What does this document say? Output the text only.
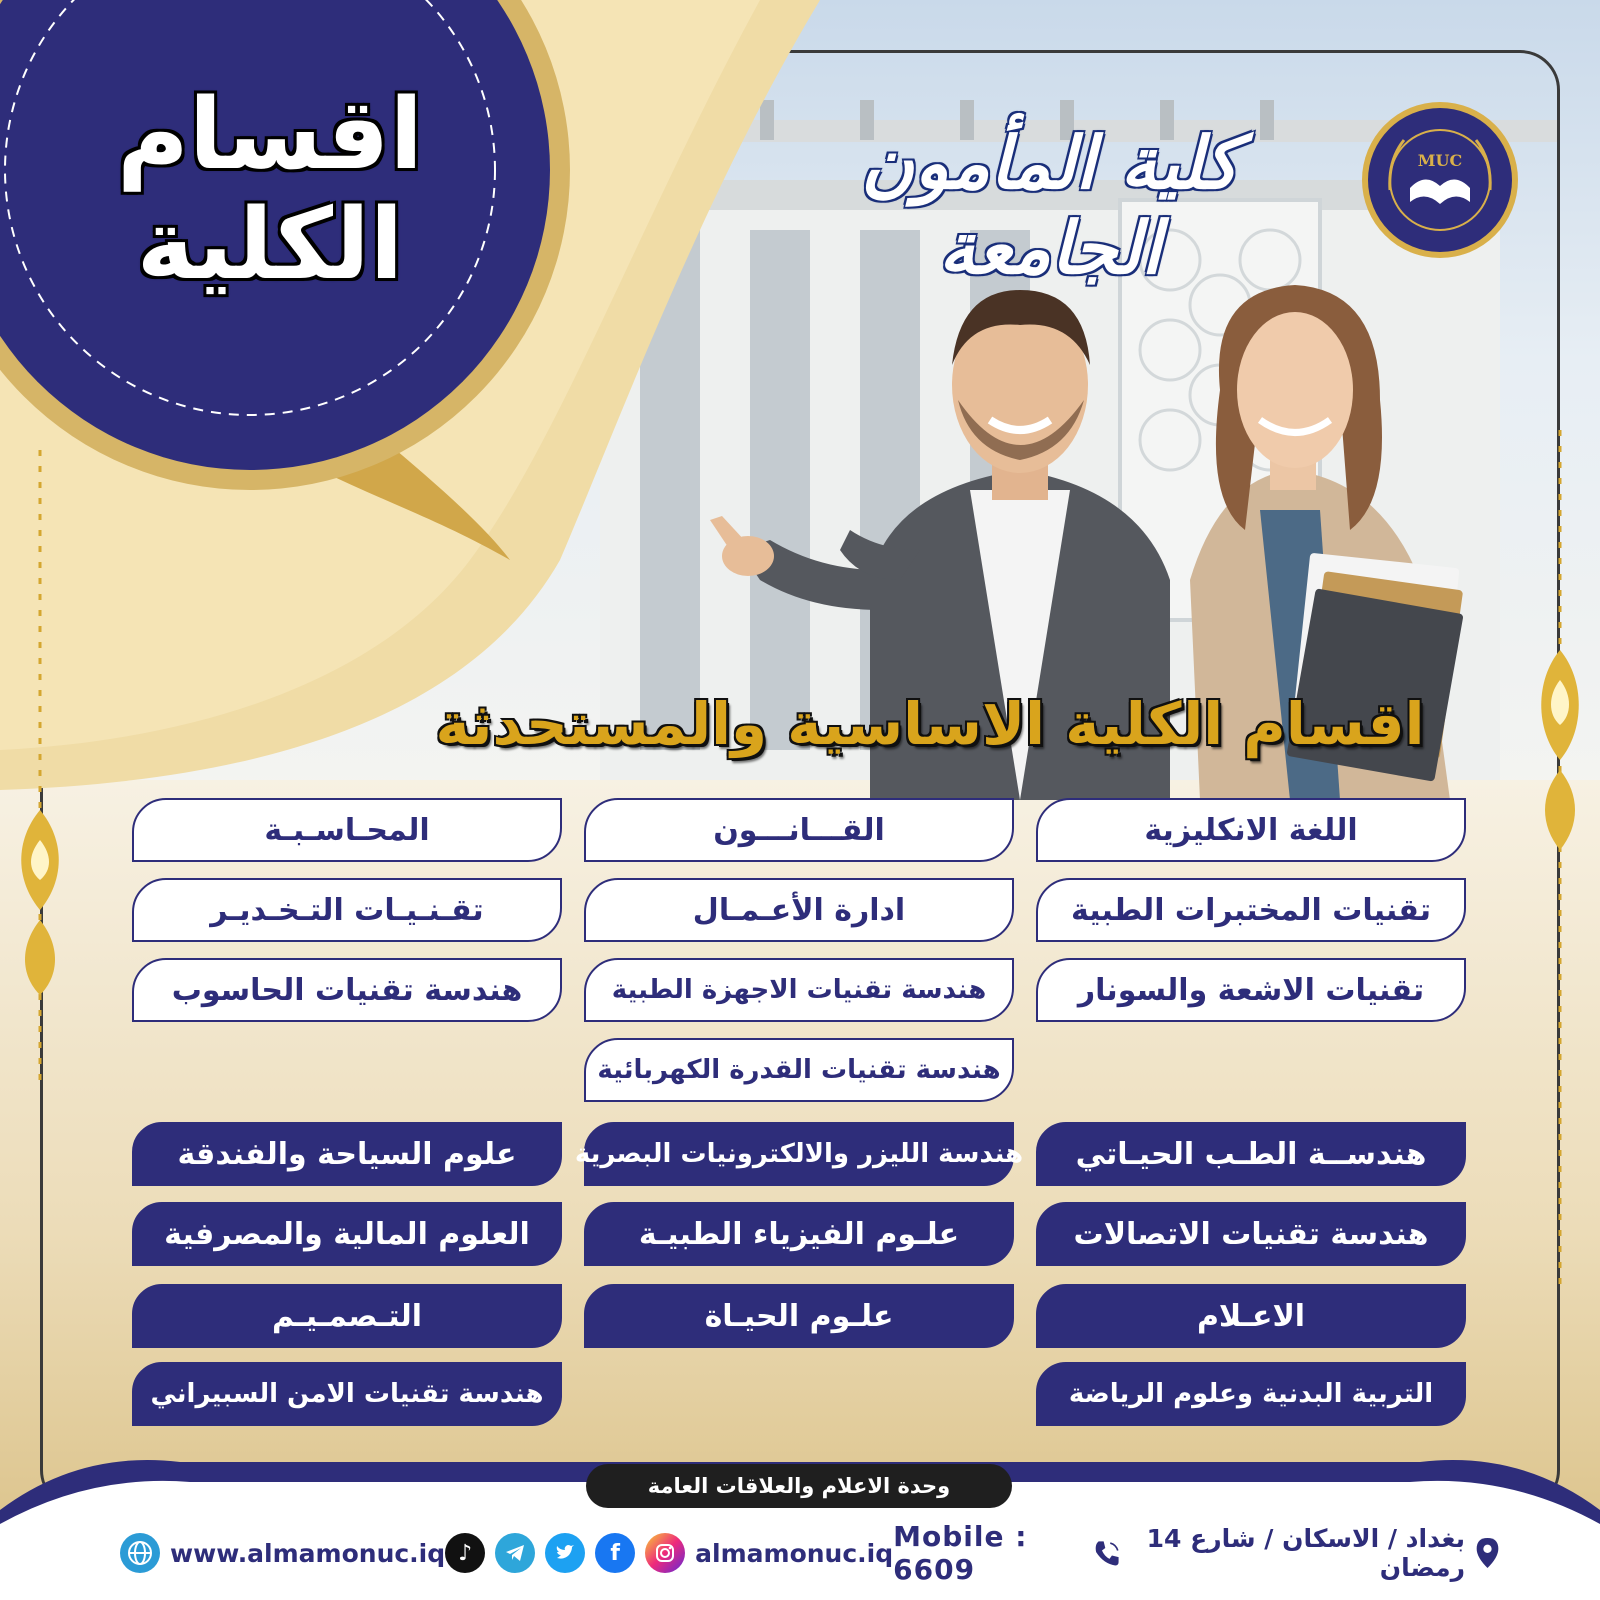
اقسام
الكلية
كلية المأمون الجامعة
MUC
اقسام الكلية الاساسية والمستحدثة
اللغة الانكليزية
القـــانـــون
المحـاسـبـة
تقنيات المختبرات الطبية
ادارة الأعـمـال
تقـنـيـات التـخـديـر
تقنيات الاشعة والسونار
هندسة تقنيات الاجهزة الطبية
هندسة تقنيات الحاسوب
هندسة تقنيات القدرة الكهربائية
هندســة الطـب الحيـاتي
هندسة الليزر والالكترونيات البصرية
علوم السياحة والفندقة
هندسة تقنيات الاتصالات
علـوم الفيزياء الطبيـة
العلوم المالية والمصرفية
الاعـلام
علـوم الحيـاة
التـصمـيـم
التربية البدنية وعلوم الرياضة
هندسة تقنيات الامن السبيراني
وحدة الاعلام والعلاقات العامة
www.almamonuc.iq ♪	f	almamonuc.iq Mobile : 6609
بغداد / الاسكان / شارع 14 رمضان
